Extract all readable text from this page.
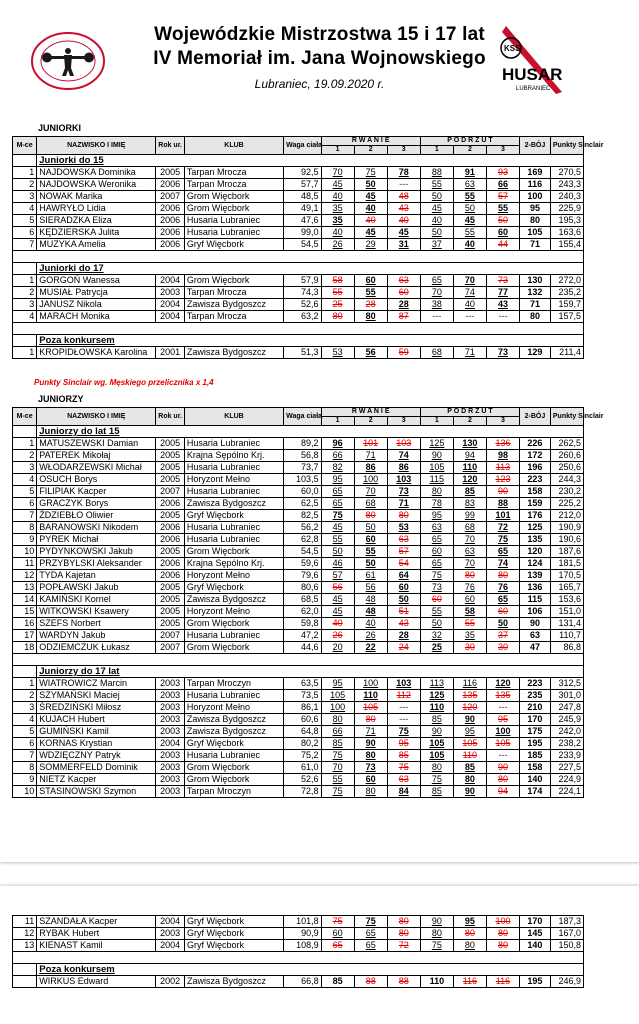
Wojewódzkie Mistrzostwa 15 i 17 lat
IV Memoriał im. Jana Wojnowskiego
Lubraniec, 19.09.2020 r.
KSS
HUSAR
LUBRANIEC
JUNIORKI
M-ce	NAZWISKO I IMIĘ	Rok ur.	KLUB	Waga ciała	R W A N I E			P O D R Z U T			2-BÓJ	Punkty Sinclair
					1	2	3	1	2	3		
	Juniorki do 15											
1	NAJDOWSKA Dominika	2005	Tarpan Mrocza	92,5	70	75	78	88	91	93	169	270,5
2	NAJDOWSKA Weronika	2006	Tarpan Mrocza	57,7	45	50	---	55	63	66	116	243,3
3	NOWAK Marika	2007	Grom Więcbork	48,5	40	45	48	50	55	57	100	240,3
4	HAWRYŁO Lidia	2006	Grom Więcbork	49,1	35	40	43	45	50	55	95	225,9
5	SIERADZKA Eliza	2006	Husaria Lubraniec	47,6	35	40	40	40	45	50	80	195,3
6	KĘDZIERSKA Julita	2006	Husaria Lubraniec	99,0	40	45	45	50	55	60	105	163,6
7	MUZYKA Amelia	2006	Gryf Więcbork	54,5	26	29	31	37	40	44	71	155,4

	Juniorki do 17											
1	GORGOŃ Wanessa	2004	Grom Więcbork	57,9	58	60	63	65	70	73	130	272,0
2	MUSIAŁ Patrycja	2003	Tarpan Mrocza	74,3	55	55	60	70	74	77	132	235,2
3	JANUSZ Nikola	2004	Zawisza Bydgoszcz	52,6	25	28	28	38	40	43	71	159,7
4	MARACH Monika	2004	Tarpan Mrocza	63,2	80	80	87	---	---	---	80	157,5

	Poza konkursem											
1	KROPIDŁOWSKA Karolina	2001	Zawisza Bydgoszcz	51,3	53	56	59	68	71	73	129	211,4
Punkty Sinclair wg. Męskiego przelicznika x 1,4
JUNIORZY
M-ce	NAZWISKO I IMIĘ	Rok ur.	KLUB	Waga ciała	R W A N I E			P O D R Z U T			2-BÓJ	Punkty Sinclair
					1	2	3	1	2	3		
	Juniorzy do lat 15											
1	MATUSZEWSKI Damian	2005	Husaria Lubraniec	89,2	96	101	103	125	130	136	226	262,5
2	PATEREK Mikołaj	2005	Krajna Sępólno Krj.	56,8	66	71	74	90	94	98	172	260,6
3	WŁODARZEWSKI Michał	2005	Husaria Lubraniec	73,7	82	86	86	105	110	113	196	250,6
4	OSUCH Borys	2005	Horyzont Mełno	103,5	95	100	103	115	120	123	223	244,3
5	FILIPIAK Kacper	2007	Husaria Lubraniec	60,0	65	70	73	80	85	90	158	230,2
6	GRACZYK Borys	2006	Zawisza Bydgoszcz	62,5	65	68	71	78	83	88	159	225,2
7	ŻDZIEBŁO Oliwier	2005	Gryf Więcbork	82,5	75	80	80	95	99	101	176	212,0
8	BARANOWSKI Nikodem	2006	Husaria Lubraniec	56,2	45	50	53	63	68	72	125	190,9
9	PYREK Michał	2006	Husaria Lubraniec	62,8	55	60	63	65	70	75	135	190,6
10	PYDYNKOWSKI Jakub	2005	Grom Więcbork	54,5	50	55	57	60	63	65	120	187,6
11	PRZYBYLSKI Aleksander	2006	Krajna Sępólno Krj.	59,6	46	50	54	65	70	74	124	181,5
12	TYDA Kajetan	2006	Horyzont Mełno	79,6	57	61	64	75	80	80	139	170,5
13	POPŁAWSKI Jakub	2005	Gryf Więcbork	80,6	56	56	60	73	76	76	136	165,7
14	KAMIŃSKI Kornel	2005	Zawisza Bydgoszcz	68,5	45	48	50	60	60	65	115	153,6
15	WITKOWSKI Ksawery	2005	Horyzont Mełno	62,0	45	48	51	55	58	60	106	151,0
16	SZEFS Norbert	2005	Grom Więcbork	59,8	40	40	43	50	55	50	90	131,4
17	WARDYN Jakub	2007	Husaria Lubraniec	47,2	26	26	28	32	35	37	63	110,7
18	ODZIEMCZUK Łukasz	2007	Grom Więcbork	44,6	20	22	24	25	30	30	47	86,8

	Juniorzy do 17 lat											
1	WIATROWICZ Marcin	2003	Tarpan Mroczyn	63,5	95	100	103	113	116	120	223	312,5
2	SZYMAŃSKI Maciej	2003	Husaria Lubraniec	73,5	105	110	112	125	135	135	235	301,0
3	ŚREDZIŃSKI Miłosz	2003	Horyzont Mełno	86,1	100	105	---	110	120	---	210	247,8
4	KUJACH Hubert	2003	Zawisza Bydgoszcz	60,6	80	80	---	85	90	95	170	245,9
5	GUMIŃSKI Kamil	2003	Zawisza Bydgoszcz	64,8	66	71	75	90	95	100	175	242,0
6	KORNAS Krystian	2004	Gryf Więcbork	80,2	85	90	95	105	105	105	195	238,2
7	WDZIĘCZNY Patryk	2003	Husaria Lubraniec	75,2	75	80	85	105	110	---	185	233,9
8	SOMMERFELD Dominik	2003	Grom Więcbork	61,0	70	73	75	80	85	90	158	227,5
9	NIETZ Kacper	2003	Grom Więcbork	52,6	55	60	63	75	80	80	140	224,9
10	STASINOWSKI Szymon	2003	Tarpan Mroczyn	72,8	75	80	84	85	90	94	174	224,1
11	SZANDAŁA Kacper	2004	Gryf Więcbork	101,8	75	75	80	90	95	100	170	187,3
12	RYBAK Hubert	2003	Gryf Więcbork	90,9	60	65	80	80	80	80	145	167,0
13	KIENAST Kamil	2004	Gryf Więcbork	108,9	65	65	72	75	80	80	140	150,8

	Poza konkursem											
	WIRKUS Edward	2002	Zawisza Bydgoszcz	66,8	85	88	88	110	116	116	195	246,9
